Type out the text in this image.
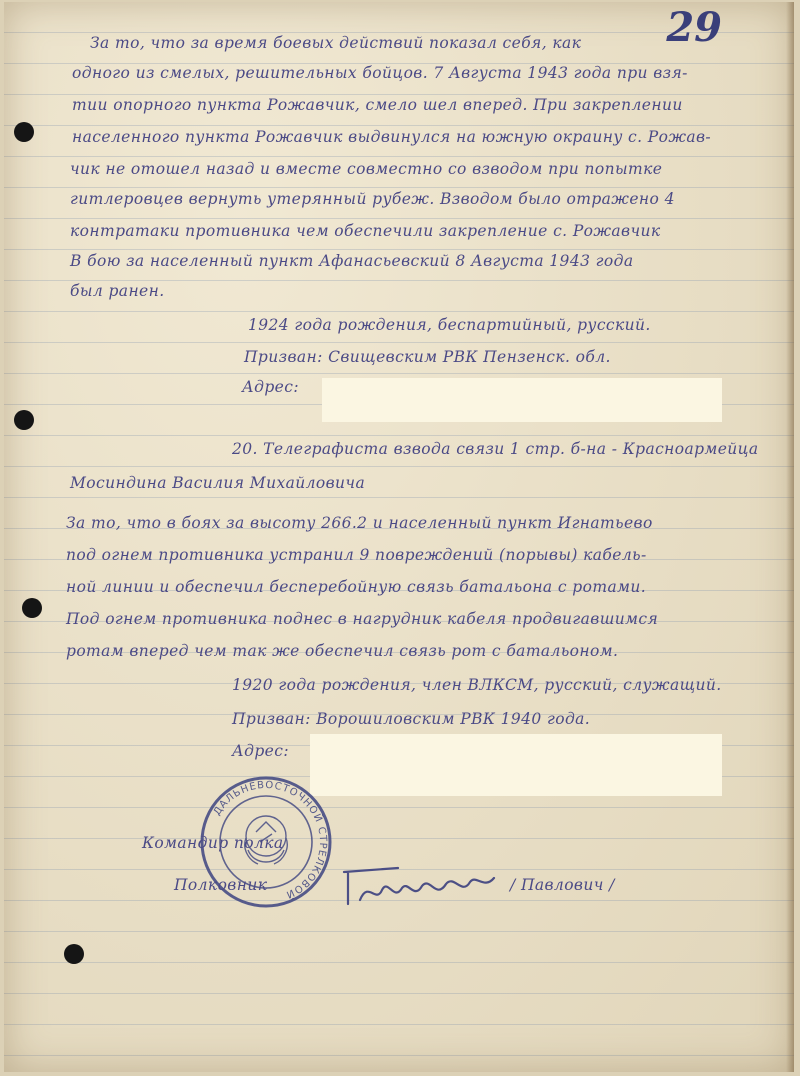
29

За то, что за время боевых действий показал себя, как

одного из смелых, решительных бойцов. 7 Августа 1943 года при взя-

тии опорного пункта Рожавчик, смело шел вперед. При закреплении

населенного пункта Рожавчик выдвинулся на южную окраину с. Рожав-

чик не отошел назад и вместе совместно со взводом при попытке

гитлеровцев вернуть утерянный рубеж. Взводом было отражено 4

контратаки противника чем обеспечили закрепление с. Рожавчик

В бою за населенный пункт Афанасьевский 8 Августа 1943 года

был ранен.

1924 года рождения, беспартийный, русский.

Призван: Свищевским РВК Пензенск. обл.

Адрес:

20. Телеграфиста взвода связи 1 стр. б-на - Красноармейца

Мосиндина Василия Михайловича

За то, что в боях за высоту 266.2 и населенный пункт Игнатьево

под огнем противника устранил 9 повреждений (порывы) кабель-

ной линии и обеспечил бесперебойную связь батальона с ротами.

Под огнем противника поднес в нагрудник кабеля продвигавшимся

ротам вперед чем так же обеспечил связь рот с батальоном.

1920 года рождения, член ВЛКСМ, русский, служащий.

Призван: Ворошиловским РВК 1940 года.

Адрес:

ДАЛЬНЕВОСТОЧНОЙ СТРЕЛКОВОЙ

Командир полка

Полковник	/ Павлович /
